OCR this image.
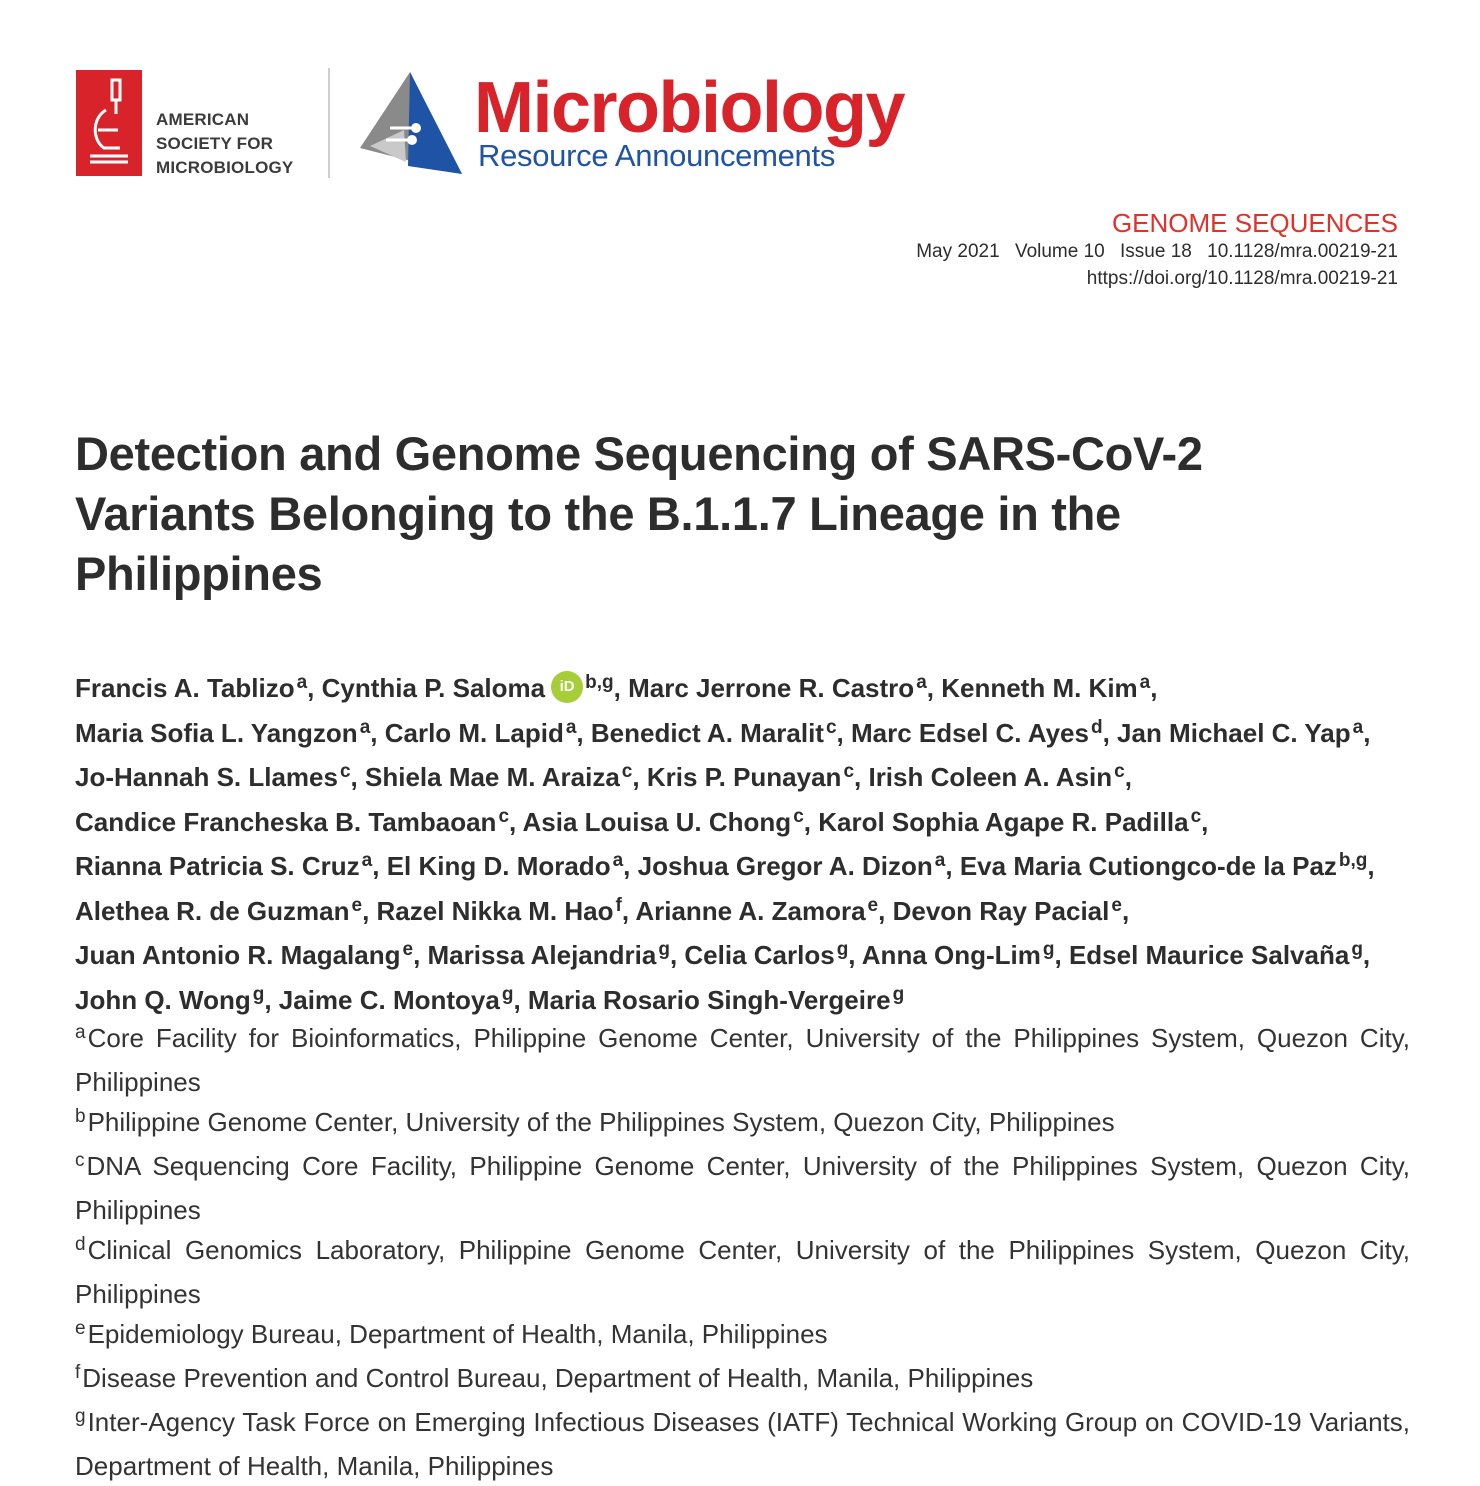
AMERICAN
SOCIETY FOR
MICROBIOLOGY
Microbiology
Resource Announcements
GENOME SEQUENCES
May 2021 Volume 10 Issue 18 10.1128/mra.00219-21
https://doi.org/10.1128/mra.00219-21
Detection and Genome Sequencing of SARS-CoV-2 Variants Belonging to the B.1.1.7 Lineage in the Philippines
Francis A. Tablizo $^a$, Cynthia P. Saloma iD $^{b,g}$, Marc Jerrone R. Castro $^a$, Kenneth M. Kim $^a$, Maria Sofia L. Yangzon $^a$, Carlo M. Lapid $^a$, Benedict A. Maralit $^c$, Marc Edsel C. Ayes $^d$, Jan Michael C. Yap $^a$, Jo-Hannah S. Llames $^c$, Shiela Mae M. Araiza $^c$, Kris P. Punayan $^c$, Irish Coleen A. Asin $^c$, Candice Francheska B. Tambaoan $^c$, Asia Louisa U. Chong $^c$, Karol Sophia Agape R. Padilla $^c$, Rianna Patricia S. Cruz $^a$, El King D. Morado $^a$, Joshua Gregor A. Dizon $^a$, Eva Maria Cutiongco-de la Paz $^{b,g}$, Alethea R. de Guzman $^e$, Razel Nikka M. Hao $^f$, Arianne A. Zamora $^e$, Devon Ray Pacial $^e$, Juan Antonio R. Magalang $^e$, Marissa Alejandria $^g$, Celia Carlos $^g$, Anna Ong-Lim $^g$, Edsel Maurice Salvaña $^g$, John Q. Wong $^g$, Jaime C. Montoya $^g$, Maria Rosario Singh-Vergeire $^g$

$^a$Core Facility for Bioinformatics, Philippine Genome Center, University of the Philippines System, Quezon City, Philippines

$^b$Philippine Genome Center, University of the Philippines System, Quezon City, Philippines

$^c$DNA Sequencing Core Facility, Philippine Genome Center, University of the Philippines System, Quezon City, Philippines

$^d$Clinical Genomics Laboratory, Philippine Genome Center, University of the Philippines System, Quezon City, Philippines

$^e$Epidemiology Bureau, Department of Health, Manila, Philippines

$^f$Disease Prevention and Control Bureau, Department of Health, Manila, Philippines

$^g$Inter-Agency Task Force on Emerging Infectious Diseases (IATF) Technical Working Group on COVID-19 Variants, Department of Health, Manila, Philippines
